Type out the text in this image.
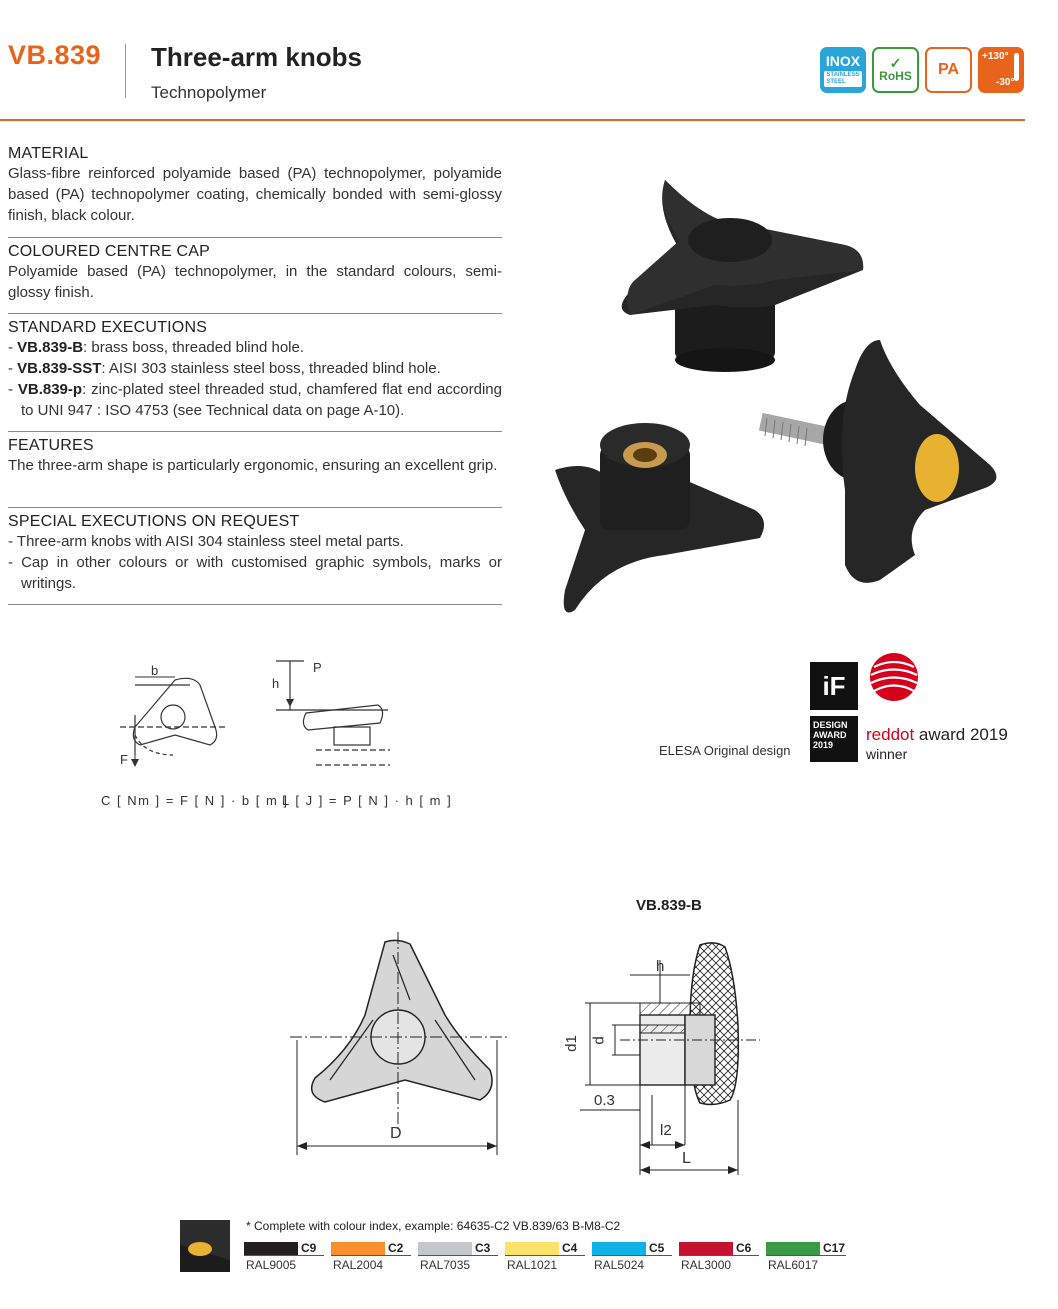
VB.839 Three-arm knobs
Technopolymer
INOX
STAINLESS
STEEL
✓
RoHS PA
+130°
-30°
MATERIAL

Glass-fibre reinforced polyamide based (PA) technopolymer, polyamide based (PA) technopolymer coating, chemically bonded with semi-glossy finish, black colour.

COLOURED CENTRE CAP

Polyamide based (PA) technopolymer, in the standard colours, semi-glossy finish.

STANDARD EXECUTIONS
- VB.839-B: brass boss, threaded blind hole.
- VB.839-SST: AISI 303 stainless steel boss, threaded blind hole.
- VB.839-p: zinc-plated steel threaded stud, chamfered flat end according to UNI 947 : ISO 4753 (see Technical data on page A-10).
FEATURES

The three-arm shape is particularly ergonomic, ensuring an excellent grip.

SPECIAL EXECUTIONS ON REQUEST
- Three-arm knobs with AISI 304 stainless steel metal parts.
- Cap in other colours or with customised graphic symbols, marks or writings.
b
F
h
P
C [ Nm ] = F [ N ] · b [ m ]
L [ J ] = P [ N ] · h [ m ]
ELESA Original design
iF
DESIGN
AWARD
2019
reddot award 2019
winner
VB.839-B
D
h
d1 d
0.3
l2
L
* Complete with colour index, example: 64635-C2 VB.839/63 B-M8-C2
C9
RAL9005
C2
RAL2004
C3
RAL7035
C4
RAL1021
C5
RAL5024
C6
RAL3000
C17
RAL6017
